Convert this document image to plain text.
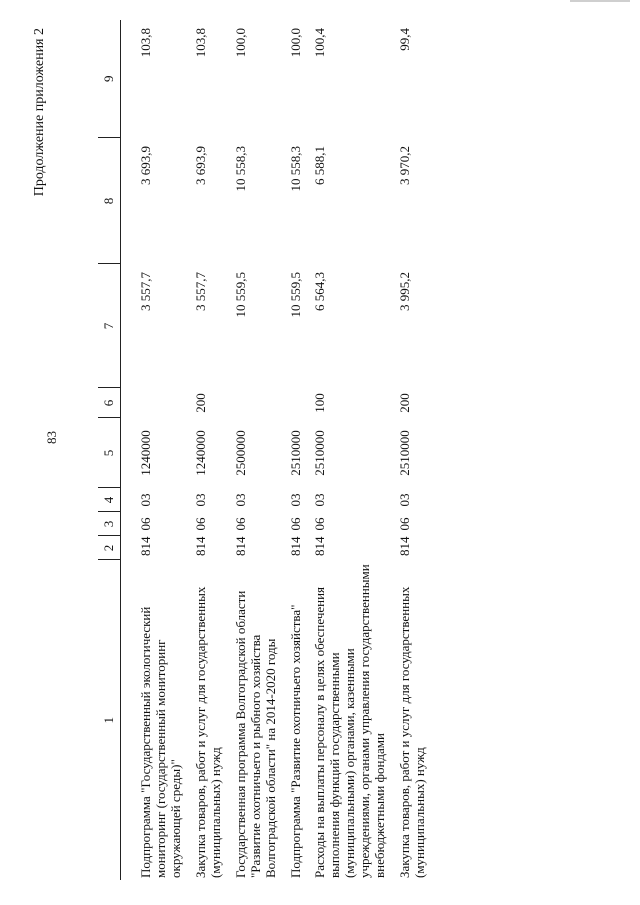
83
Продолжение приложения 2
1	2	3	4	5	6	7	8	9
Подпрограмма "Государственный экологический мониторинг (государственный мониторинг окружающей среды)"	814	06	03	1240000		3 557,7	3 693,9	103,8
Закупка товаров, работ и услуг для государственных (муниципальных) нужд	814	06	03	1240000	200	3 557,7	3 693,9	103,8
Государственная программа Волгоградской области "Развитие охотничьего и рыбного хозяйства Волгоградской области" на 2014-2020 годы	814	06	03	2500000		10 559,5	10 558,3	100,0
Подпрограмма "Развитие охотничьего хозяйства"	814	06	03	2510000		10 559,5	10 558,3	100,0
Расходы на выплаты персоналу в целях обеспечения выполнения функций государственными (муниципальными) органами, казенными учреждениями, органами управления государственными внебюджетными фондами	814	06	03	2510000	100	6 564,3	6 588,1	100,4
Закупка товаров, работ и услуг для государственных (муниципальных) нужд	814	06	03	2510000	200	3 995,2	3 970,2	99,4
